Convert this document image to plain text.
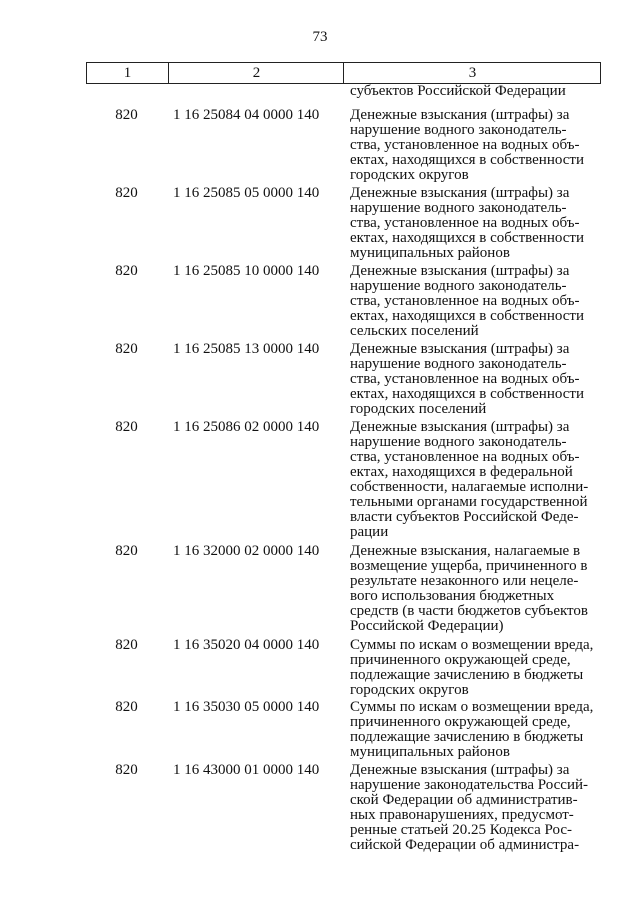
73
1	2	3
субъектов Российской Федерации
820	1 16 25084 04 0000 140	Денежные взыскания (штрафы) за
нарушение водного законодатель-
ства, установленное на водных объ-
ектах, находящихся в собственности
городских округов
820	1 16 25085 05 0000 140	Денежные взыскания (штрафы) за
нарушение водного законодатель-
ства, установленное на водных объ-
ектах, находящихся в собственности
муниципальных районов
820	1 16 25085 10 0000 140	Денежные взыскания (штрафы) за
нарушение водного законодатель-
ства, установленное на водных объ-
ектах, находящихся в собственности
сельских поселений
820	1 16 25085 13 0000 140	Денежные взыскания (штрафы) за
нарушение водного законодатель-
ства, установленное на водных объ-
ектах, находящихся в собственности
городских поселений
820	1 16 25086 02 0000 140	Денежные взыскания (штрафы) за
нарушение водного законодатель-
ства, установленное на водных объ-
ектах, находящихся в федеральной
собственности, налагаемые исполни-
тельными органами государственной
власти субъектов Российской Феде-
рации
820	1 16 32000 02 0000 140	Денежные взыскания, налагаемые в
возмещение ущерба, причиненного в
результате незаконного или нецеле-
вого использования бюджетных
средств (в части бюджетов субъектов
Российской Федерации)
820	1 16 35020 04 0000 140	Суммы по искам о возмещении вреда,
причиненного окружающей среде,
подлежащие зачислению в бюджеты
городских округов
820	1 16 35030 05 0000 140	Суммы по искам о возмещении вреда,
причиненного окружающей среде,
подлежащие зачислению в бюджеты
муниципальных районов
820	1 16 43000 01 0000 140	Денежные взыскания (штрафы) за
нарушение законодательства Россий-
ской Федерации об административ-
ных правонарушениях, предусмот-
ренные статьей 20.25 Кодекса Рос-
сийской Федерации об администра-
